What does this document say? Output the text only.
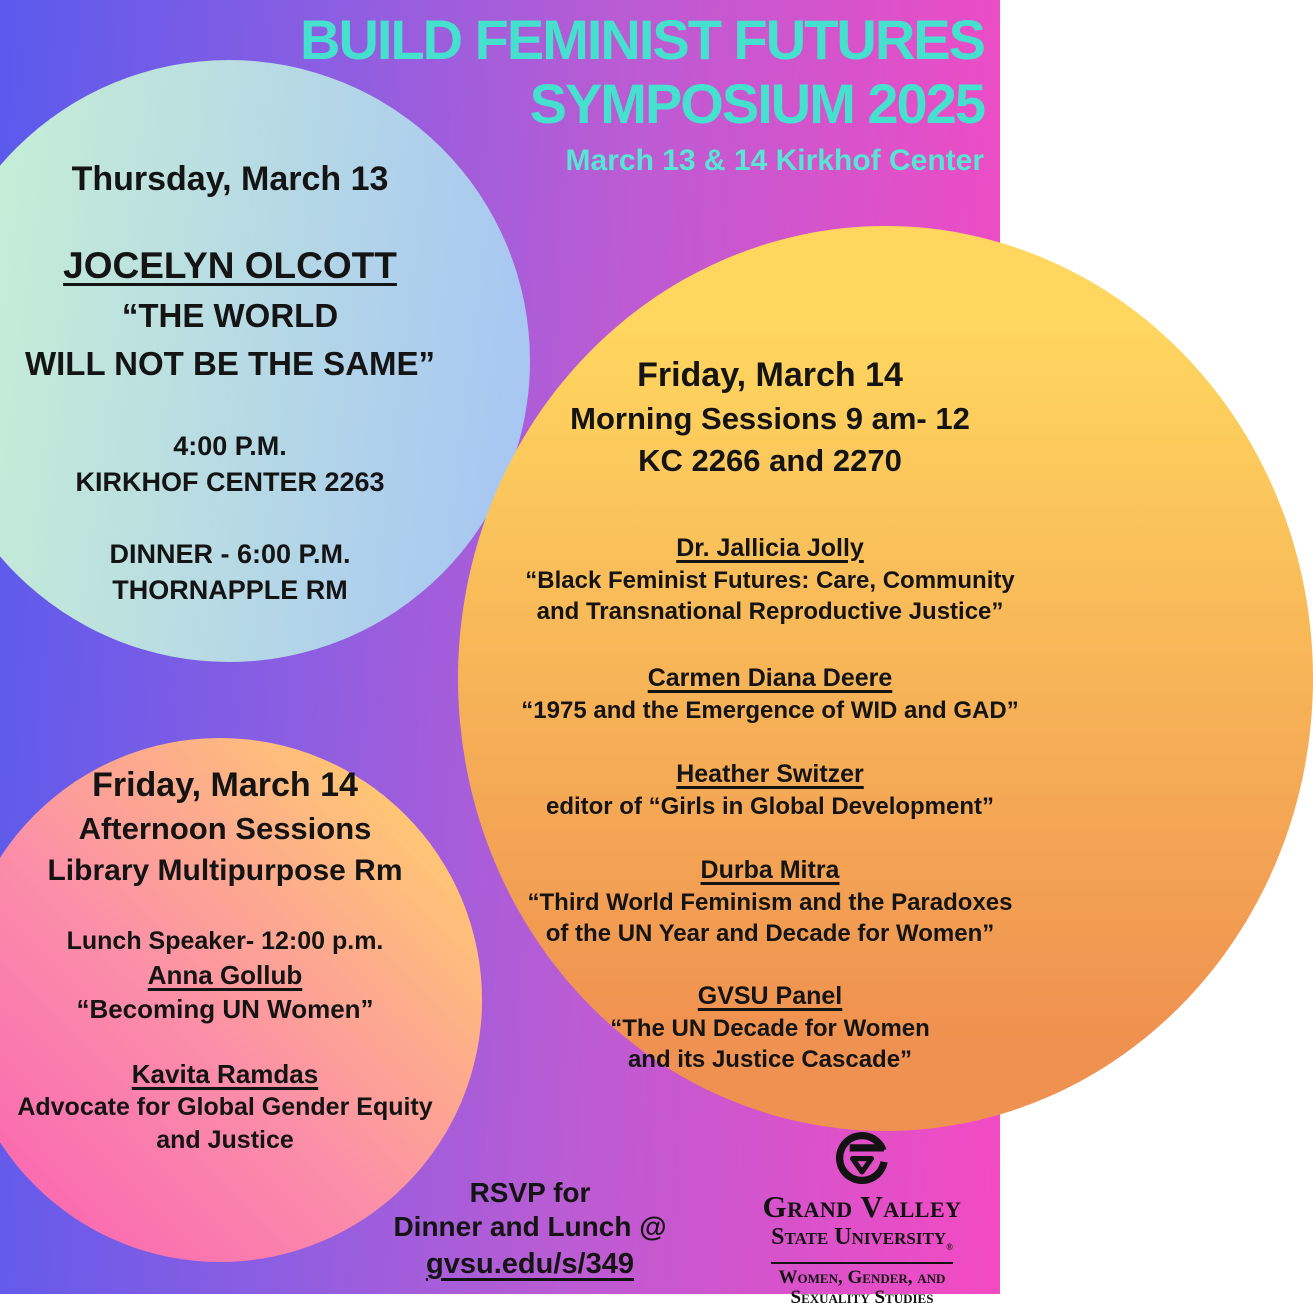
BUILD FEMINIST FUTURES
SYMPOSIUM 2025
March 13 & 14 Kirkhof Center
Thursday, March 13
JOCELYN OLCOTT
“THE WORLD
WILL NOT BE THE SAME”
4:00 P.M.
KIRKHOF CENTER 2263
DINNER - 6:00 P.M.
THORNAPPLE RM
Friday, March 14
Morning Sessions 9 am- 12
KC 2266 and 2270
Dr. Jallicia Jolly
“Black Feminist Futures: Care, Community
and Transnational Reproductive Justice”
Carmen Diana Deere
“1975 and the Emergence of WID and GAD”
Heather Switzer
editor of “Girls in Global Development”
Durba Mitra
“Third World Feminism and the Paradoxes
of the UN Year and Decade for Women”
GVSU Panel
“The UN Decade for Women
and its Justice Cascade”
Friday, March 14
Afternoon Sessions
Library Multipurpose Rm
Lunch Speaker- 12:00 p.m.
Anna Gollub
“Becoming UN Women”
Kavita Ramdas
Advocate for Global Gender Equity
and Justice
RSVP for
Dinner and Lunch @
gvsu.edu/s/349
Grand Valley
State University$_®$
Women, Gender, and
Sexuality Studies
